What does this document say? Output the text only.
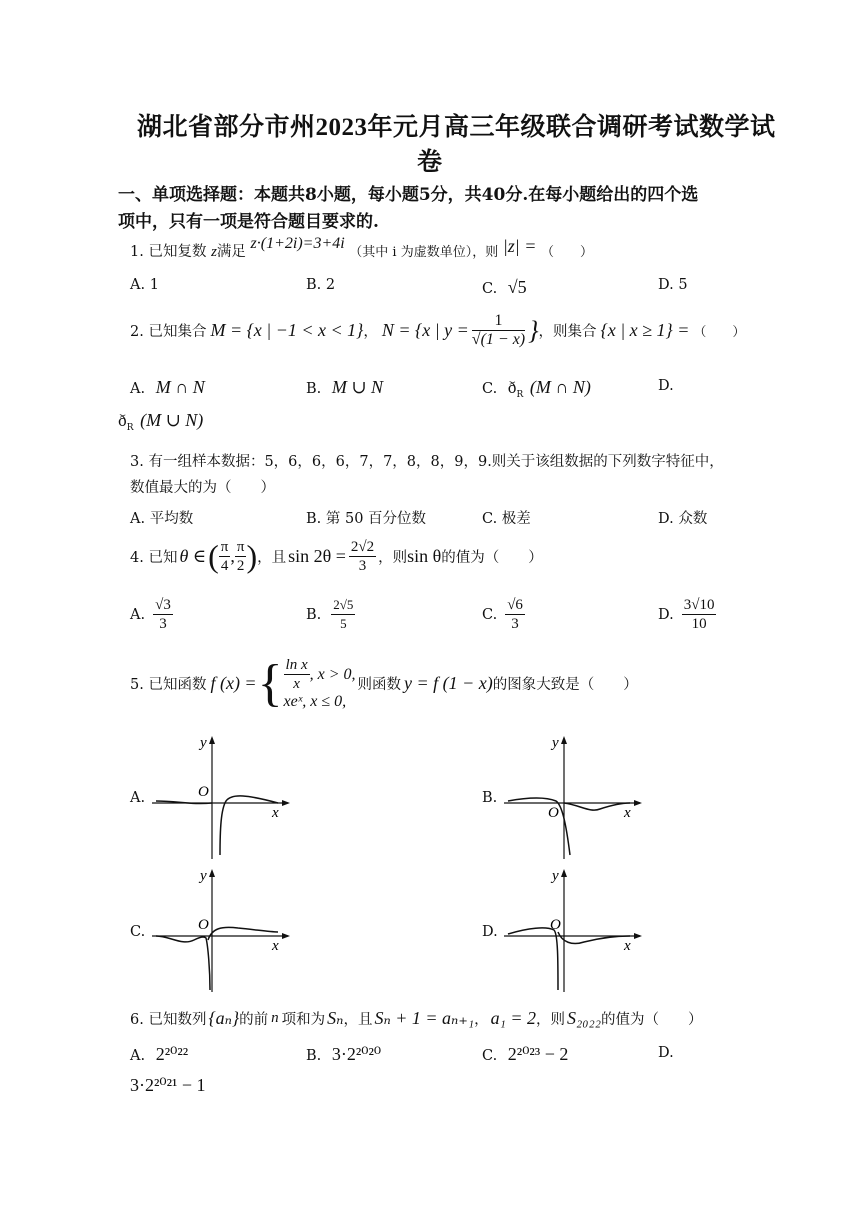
湖北省部分市州2023年元月高三年级联合调研考试数学试
卷
一、单项选择题：本题共8小题，每小题5分，共40分.在每小题给出的四个选
项中，只有一项是符合题目要求的.
1. 已知复数 z满足 z·(1+2i)=3+4i （其中 i 为虚数单位），则 |z| = （　　）
A. 1	B. 2	C. √5	D. 5
2. 已知集合 M = {x | −1 < x < 1} ， N = {x | $y = \frac{1}{√(1 - x)}$ } ，则集合 {x | x ≥ 1} = （　　）
A. M ∩ N	B. M ∪ N	C. $ð_R$ (M ∩ N)	D.
$ð_R$ (M ∪ N)
3. 有一组样本数据：5，6，6，6，7，7，8，8，9，9.则关于该组数据的下列数字特征中，
数值最大的为（　　）
A. 平均数	B. 第 50 百分位数	C. 极差	D. 众数
4. 已知 θ ∈ ( $\frac{\pi}{4}$ , $\frac{\pi}{2}$ ) ，且 $\sin 2\theta = \frac{2√2}{3}$ ，则 sin θ 的值为（　　）
A. $\frac{√3}{3}$	B. $\frac{2√5}{5}$	C. $\frac{√6}{3}$	D. $\frac{3√10}{10}$
5. 已知函数 f (x) = { $\frac{\text{ln x}}{x}$ , x > 0,
xeˣ, x ≤ 0,
则函数 y = f (1 − x) 的图象大致是（　　）
A.	B.
C.	D.
y
x
O
y
x
O
y
x
O
y
x
O
6. 已知数列 {aₙ} 的前 n 项和为 Sₙ ，且 Sₙ + 1 = aₙ₊₁ ， a₁ = 2 ，则 S₂₀₂₂ 的值为（　　）
A. 2²⁰²²	B. 3·2²⁰²⁰	C. 2²⁰²³ − 2	D.
3·2²⁰²¹ − 1
